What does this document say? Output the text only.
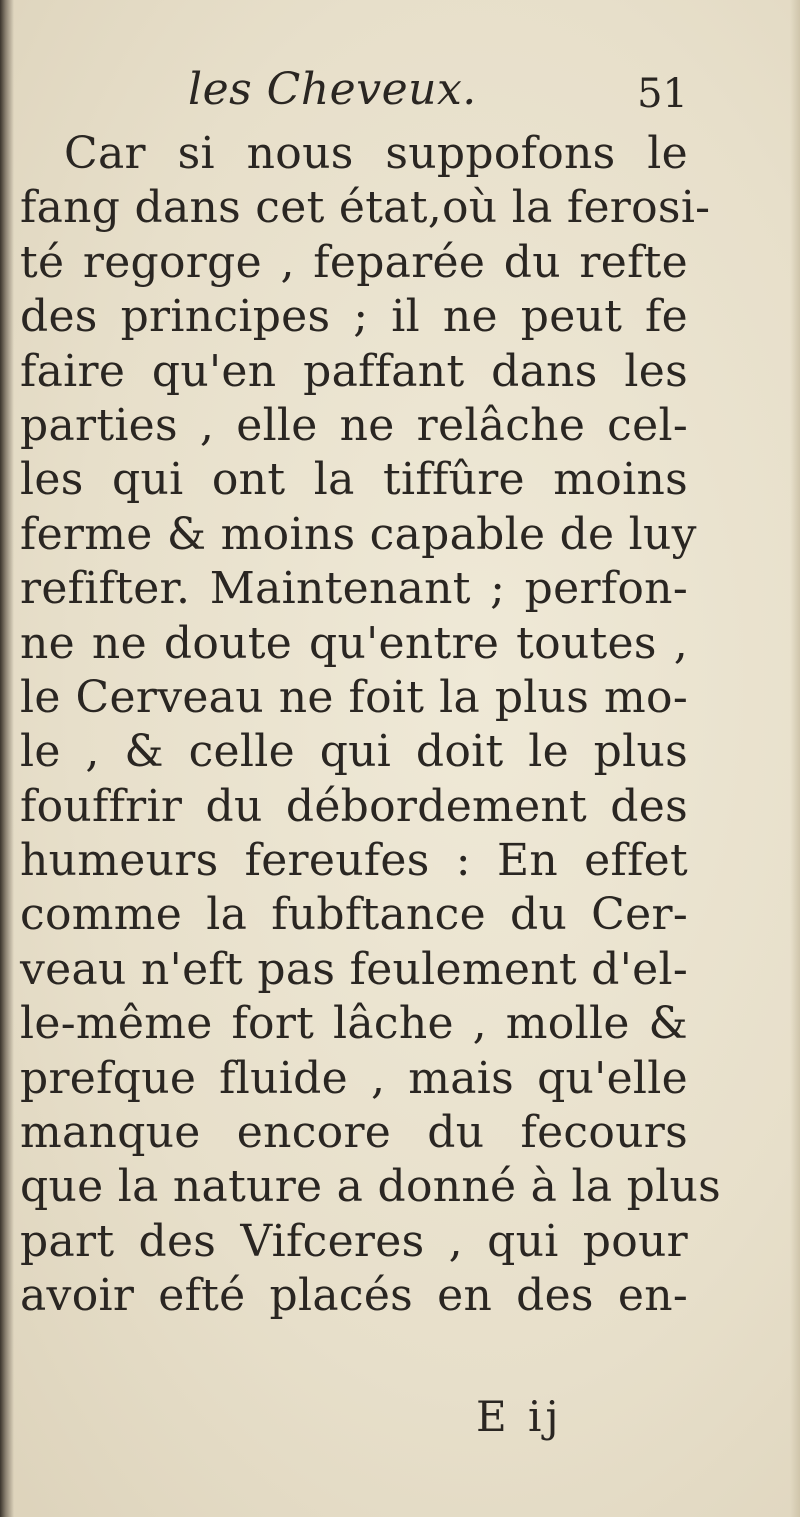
les Cheveux.	51
Car si nous suppofons le
fang dans cet état,où la ferosi-
té regorge , feparée du refte
des principes ; il ne peut fe
faire qu'en paffant dans les
parties , elle ne relâche cel-
les qui ont la tiffûre moins
ferme & moins capable de luy
refifter. Maintenant ; perfon-
ne ne doute qu'entre toutes ,
le Cerveau ne foit la plus mo-
le , & celle qui doit le plus
fouffrir du débordement des
humeurs fereufes : En effet
comme la fubftance du Cer-
veau n'eft pas feulement d'el-
le-même fort lâche , molle &
prefque fluide , mais qu'elle
manque encore du fecours
que la nature a donné à la plus
part des Vifceres , qui pour
avoir efté placés en des en-
E ij
